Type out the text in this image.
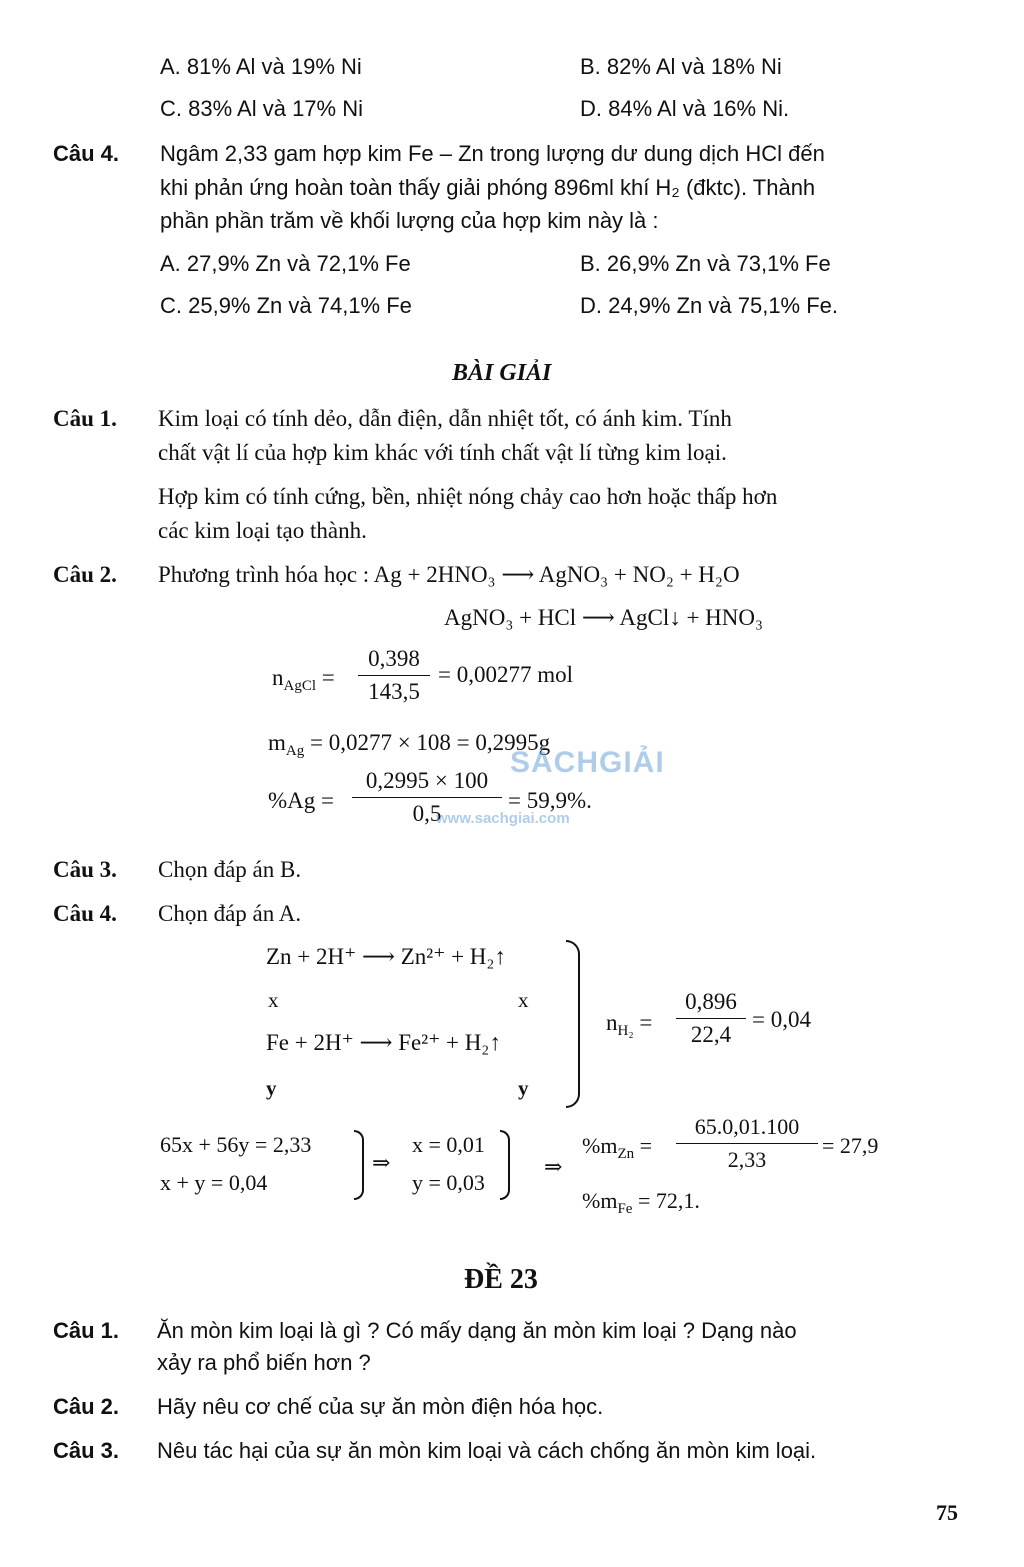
A. 81% Al và 19% Ni	B. 82% Al và 18% Ni
C. 83% Al và 17% Ni	D. 84% Al và 16% Ni.
Câu 4. Ngâm 2,33 gam hợp kim Fe – Zn trong lượng dư dung dịch HCl đến
khi phản ứng hoàn toàn thấy giải phóng 896ml khí H₂ (đktc). Thành
phần phần trăm về khối lượng của hợp kim này là :
A. 27,9% Zn và 72,1% Fe	B. 26,9% Zn và 73,1% Fe
C. 25,9% Zn và 74,1% Fe	D. 24,9% Zn và 75,1% Fe.
BÀI GIẢI
Câu 1. Kim loại có tính dẻo, dẫn điện, dẫn nhiệt tốt, có ánh kim. Tính
chất vật lí của hợp kim khác với tính chất vật lí từng kim loại.
Hợp kim có tính cứng, bền, nhiệt nóng chảy cao hơn hoặc thấp hơn
các kim loại tạo thành.
Câu 2. Phương trình hóa học : Ag + 2HNO₃ ⟶ AgNO₃ + NO₂ + H₂O
AgNO₃ + HCl ⟶ AgCl↓ + HNO₃
$n_{AgCl}$ =
0,398
143,5
= 0,00277 mol
$m_{Ag} = 0,0277 \times 108 = 0,2995g$
%Ag =
0,2995 × 100
0,5
= 59,9%.
SÁCHGIẢI
www.sachgiai.com
Câu 3. Chọn đáp án B.
Câu 4. Chọn đáp án A.
Zn + 2H⁺ ⟶ Zn²⁺ + H₂↑
x	x
Fe + 2H⁺ ⟶ Fe²⁺ + H₂↑
y	y
$n_{H_2}$ =
0,896
22,4
= 0,04
65x + 56y = 2,33
x + y = 0,04
⇒
x = 0,01
y = 0,03
⇒
$\%m_{Zn}$ =
65.0,01.100
2,33
= 27,9
$\%m_{Fe} = 72,1$.
ĐỀ 23
Câu 1. Ăn mòn kim loại là gì ? Có mấy dạng ăn mòn kim loại ? Dạng nào
xảy ra phổ biến hơn ?
Câu 2. Hãy nêu cơ chế của sự ăn mòn điện hóa học.
Câu 3. Nêu tác hại của sự ăn mòn kim loại và cách chống ăn mòn kim loại.
75
